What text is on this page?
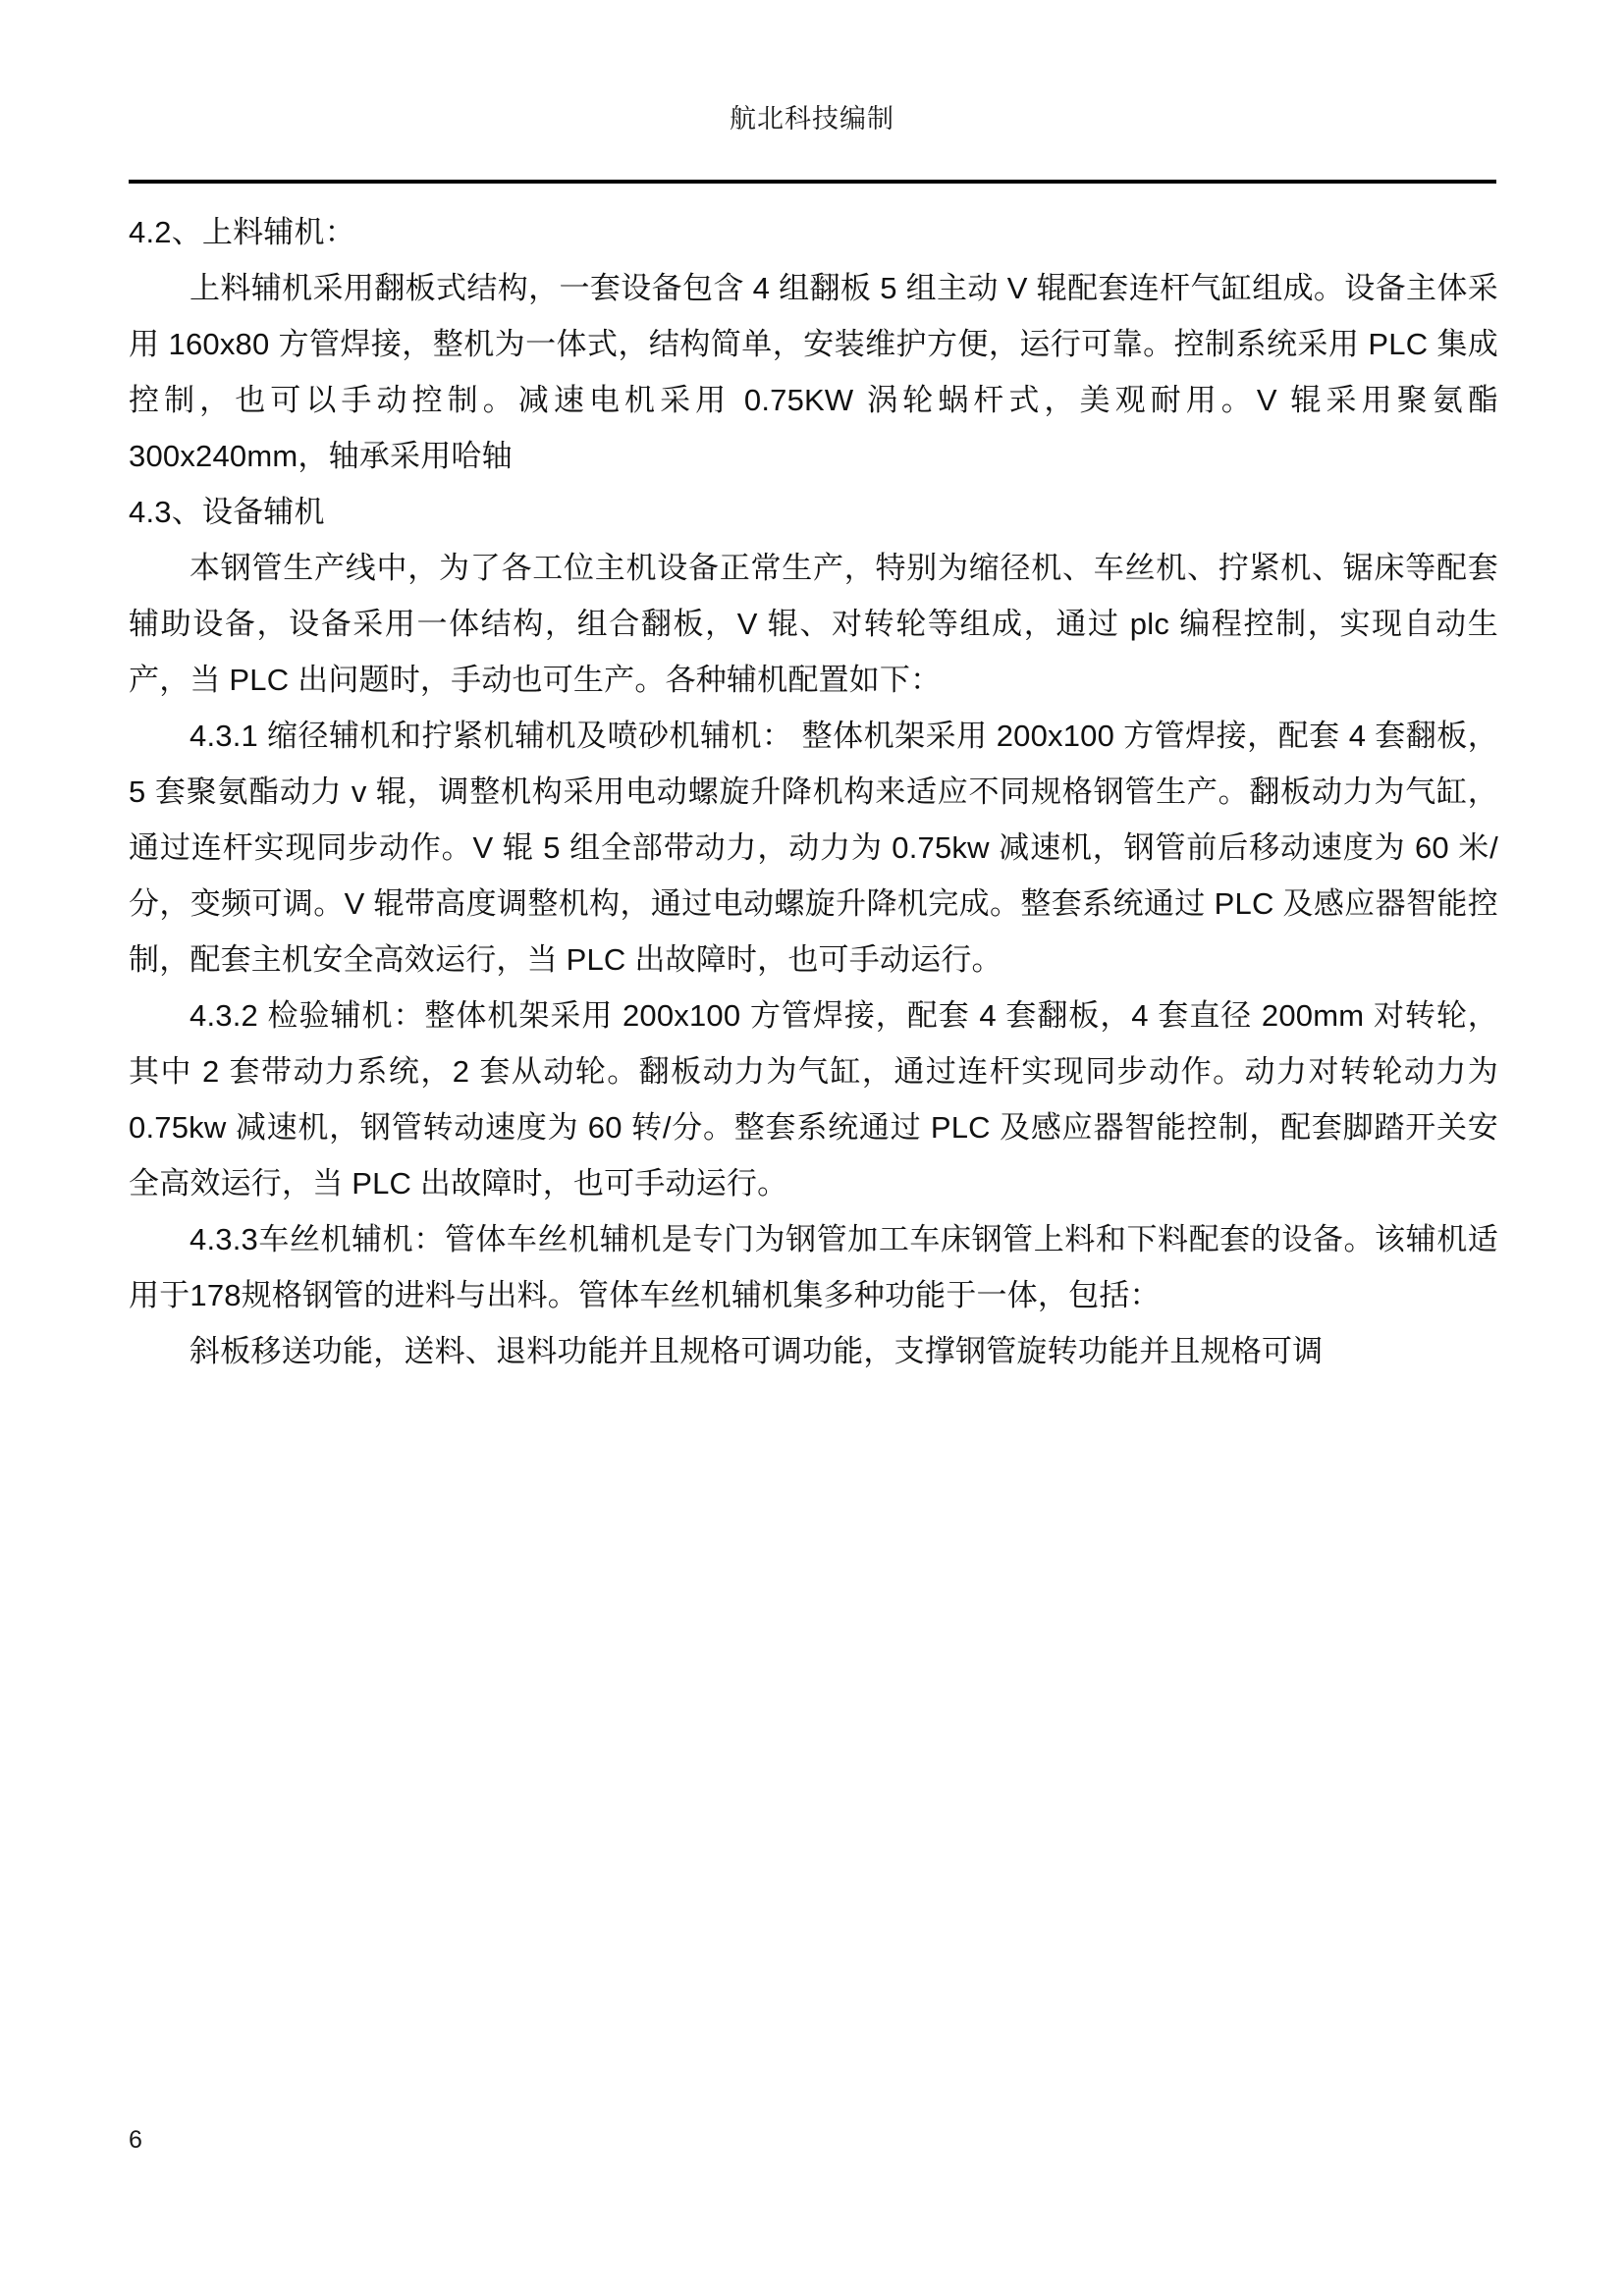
航北科技编制

4.2、上料辅机：

上料辅机采用翻板式结构，一套设备包含 4 组翻板 5 组主动 V 辊配套连杆气缸组成。设备主体采用 160x80 方管焊接，整机为一体式，结构简单，安装维护方便，运行可靠。控制系统采用 PLC 集成控制，也可以手动控制。减速电机采用 0.75KW 涡轮蜗杆式，美观耐用。V 辊采用聚氨酯 300x240mm，轴承采用哈轴

4.3、设备辅机

本钢管生产线中，为了各工位主机设备正常生产，特别为缩径机、车丝机、拧紧机、锯床等配套辅助设备，设备采用一体结构，组合翻板，V 辊、对转轮等组成，通过 plc 编程控制，实现自动生产，当 PLC 出问题时，手动也可生产。各种辅机配置如下：

4.3.1 缩径辅机和拧紧机辅机及喷砂机辅机： 整体机架采用 200x100 方管焊接，配套 4 套翻板，5 套聚氨酯动力 v 辊，调整机构采用电动螺旋升降机构来适应不同规格钢管生产。翻板动力为气缸，通过连杆实现同步动作。V 辊 5 组全部带动力，动力为 0.75kw 减速机，钢管前后移动速度为 60 米/分，变频可调。V 辊带高度调整机构，通过电动螺旋升降机完成。整套系统通过 PLC 及感应器智能控制，配套主机安全高效运行，当 PLC 出故障时，也可手动运行。

4.3.2 检验辅机：整体机架采用 200x100 方管焊接，配套 4 套翻板，4 套直径 200mm 对转轮，其中 2 套带动力系统，2 套从动轮。翻板动力为气缸，通过连杆实现同步动作。动力对转轮动力为 0.75kw 减速机，钢管转动速度为 60 转/分。整套系统通过 PLC 及感应器智能控制，配套脚踏开关安全高效运行，当 PLC 出故障时，也可手动运行。

4.3.3车丝机辅机：管体车丝机辅机是专门为钢管加工车床钢管上料和下料配套的设备。该辅机适用于178规格钢管的进料与出料。管体车丝机辅机集多种功能于一体，包括：

斜板移送功能，送料、退料功能并且规格可调功能，支撑钢管旋转功能并且规格可调

6
